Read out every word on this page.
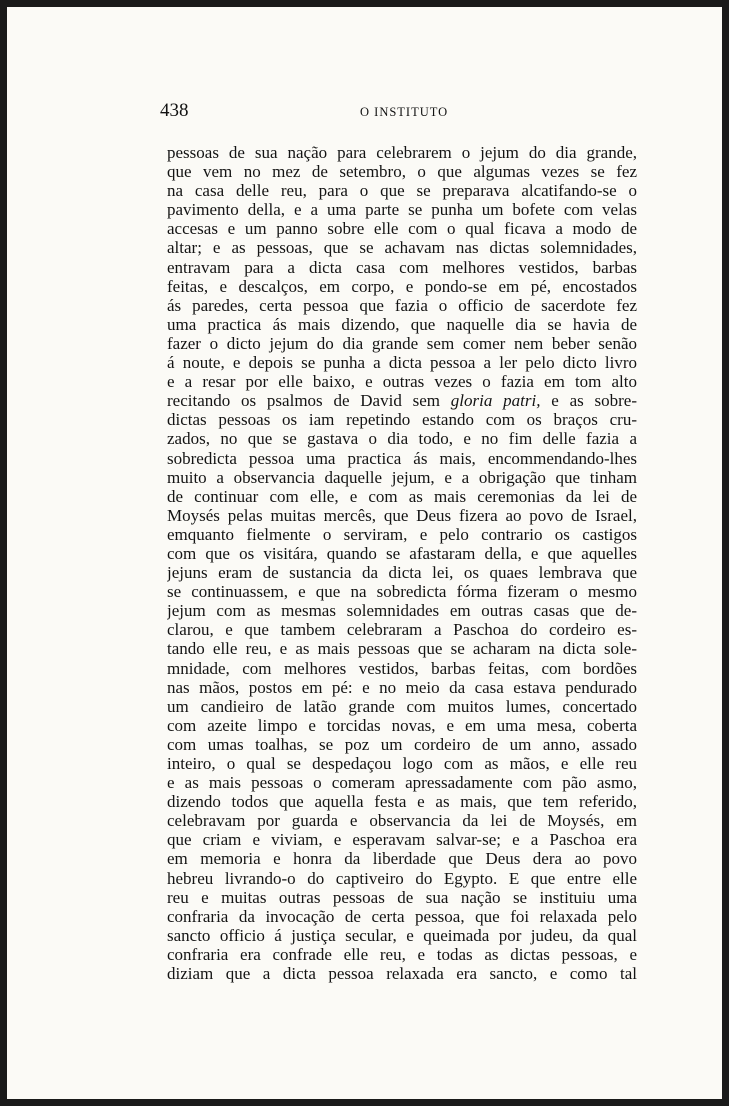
438	O INSTITUTO
pessoas de sua nação para celebrarem o jejum do dia grande,
que vem no mez de setembro, o que algumas vezes se fez
na casa delle reu, para o que se preparava alcatifando-se o
pavimento della, e a uma parte se punha um bofete com velas
accesas e um panno sobre elle com o qual ficava a modo de
altar; e as pessoas, que se achavam nas dictas solemnidades,
entravam para a dicta casa com melhores vestidos, barbas
feitas, e descalços, em corpo, e pondo-se em pé, encostados
ás paredes, certa pessoa que fazia o officio de sacerdote fez
uma practica ás mais dizendo, que naquelle dia se havia de
fazer o dicto jejum do dia grande sem comer nem beber senão
á noute, e depois se punha a dicta pessoa a ler pelo dicto livro
e a resar por elle baixo, e outras vezes o fazia em tom alto
recitando os psalmos de David sem gloria patri, e as sobre-
dictas pessoas os iam repetindo estando com os braços cru-
zados, no que se gastava o dia todo, e no fim delle fazia a
sobredicta pessoa uma practica ás mais, encommendando-lhes
muito a observancia daquelle jejum, e a obrigação que tinham
de continuar com elle, e com as mais ceremonias da lei de
Moysés pelas muitas mercês, que Deus fizera ao povo de Israel,
emquanto fielmente o serviram, e pelo contrario os castigos
com que os visitára, quando se afastaram della, e que aquelles
jejuns eram de sustancia da dicta lei, os quaes lembrava que
se continuassem, e que na sobredicta fórma fizeram o mesmo
jejum com as mesmas solemnidades em outras casas que de-
clarou, e que tambem celebraram a Paschoa do cordeiro es-
tando elle reu, e as mais pessoas que se acharam na dicta sole-
mnidade, com melhores vestidos, barbas feitas, com bordões
nas mãos, postos em pé: e no meio da casa estava pendurado
um candieiro de latão grande com muitos lumes, concertado
com azeite limpo e torcidas novas, e em uma mesa, coberta
com umas toalhas, se poz um cordeiro de um anno, assado
inteiro, o qual se despedaçou logo com as mãos, e elle reu
e as mais pessoas o comeram apressadamente com pão asmo,
dizendo todos que aquella festa e as mais, que tem referido,
celebravam por guarda e observancia da lei de Moysés, em
que criam e viviam, e esperavam salvar-se; e a Paschoa era
em memoria e honra da liberdade que Deus dera ao povo
hebreu livrando-o do captiveiro do Egypto. E que entre elle
reu e muitas outras pessoas de sua nação se instituiu uma
confraria da invocação de certa pessoa, que foi relaxada pelo
sancto officio á justiça secular, e queimada por judeu, da qual
confraria era confrade elle reu, e todas as dictas pessoas, e
diziam que a dicta pessoa relaxada era sancto, e como tal
